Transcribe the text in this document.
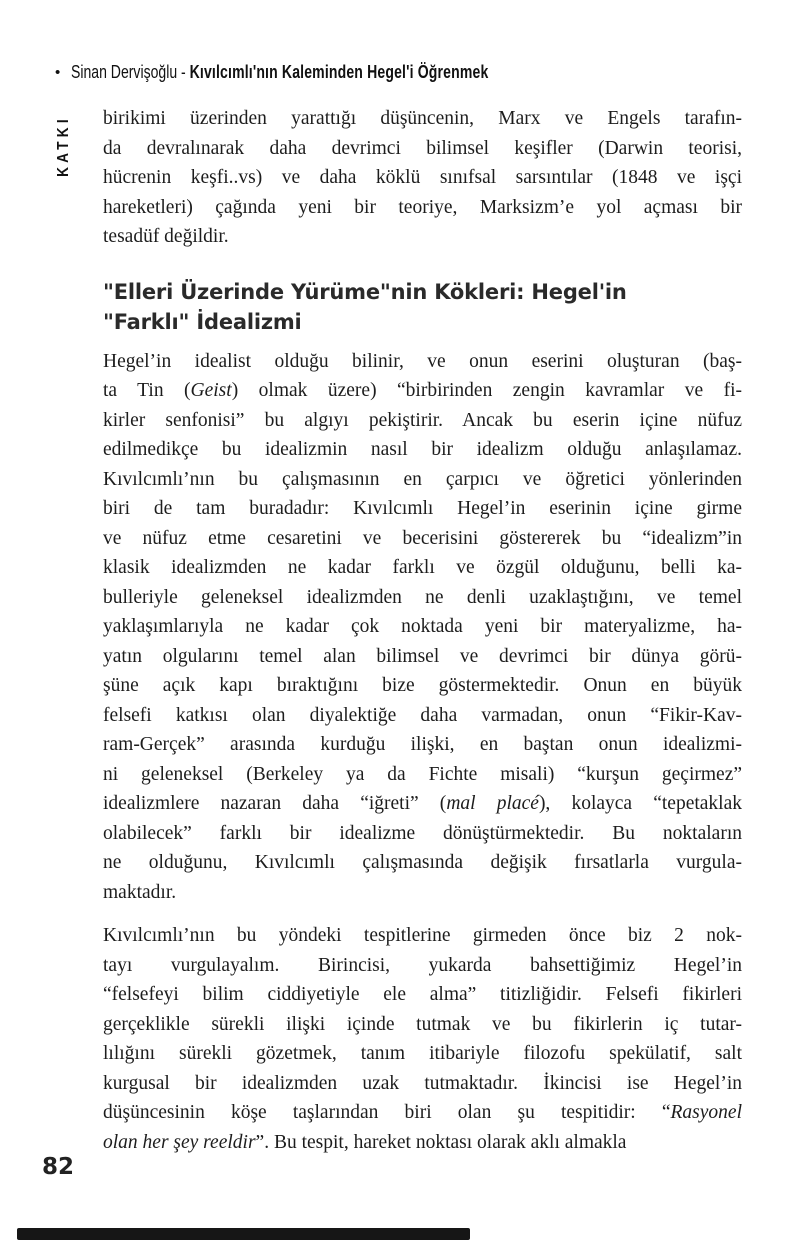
• Sinan Dervişoğlu - Kıvılcımlı'nın Kaleminden Hegel'i Öğrenmek
KATKI birikimi üzerinden yarattığı düşüncenin, Marx ve Engels tarafın-
da devralınarak daha devrimci bilimsel keşifler (Darwin teorisi,
hücrenin keşfi..vs) ve daha köklü sınıfsal sarsıntılar (1848 ve işçi
hareketleri) çağında yeni bir teoriye, Marksizm’e yol açması bir
tesadüf değildir.
"Elleri Üzerinde Yürüme"nin Kökleri: Hegel'in
"Farklı" İdealizmi
Hegel’in idealist olduğu bilinir, ve onun eserini oluşturan (baş-
ta Tin (Geist) olmak üzere) “birbirinden zengin kavramlar ve fi-
kirler senfonisi” bu algıyı pekiştirir. Ancak bu eserin içine nüfuz
edilmedikçe bu idealizmin nasıl bir idealizm olduğu anlaşılamaz.
Kıvılcımlı’nın bu çalışmasının en çarpıcı ve öğretici yönlerinden
biri de tam buradadır: Kıvılcımlı Hegel’in eserinin içine girme
ve nüfuz etme cesaretini ve becerisini göstererek bu “idealizm”in
klasik idealizmden ne kadar farklı ve özgül olduğunu, belli ka-
bulleriyle geleneksel idealizmden ne denli uzaklaştığını, ve temel
yaklaşımlarıyla ne kadar çok noktada yeni bir materyalizme, ha-
yatın olgularını temel alan bilimsel ve devrimci bir dünya görü-
şüne açık kapı bıraktığını bize göstermektedir. Onun en büyük
felsefi katkısı olan diyalektiğe daha varmadan, onun “Fikir-Kav-
ram-Gerçek” arasında kurduğu ilişki, en baştan onun idealizmi-
ni geleneksel (Berkeley ya da Fichte misali) “kurşun geçirmez”
idealizmlere nazaran daha “iğreti” (mal placé), kolayca “tepetaklak
olabilecek” farklı bir idealizme dönüştürmektedir. Bu noktaların
ne olduğunu, Kıvılcımlı çalışmasında değişik fırsatlarla vurgula-
maktadır.
Kıvılcımlı’nın bu yöndeki tespitlerine girmeden önce biz 2 nok-
tayı vurgulayalım. Birincisi, yukarda bahsettiğimiz Hegel’in
“felsefeyi bilim ciddiyetiyle ele alma” titizliğidir. Felsefi fikirleri
gerçeklikle sürekli ilişki içinde tutmak ve bu fikirlerin iç tutar-
lılığını sürekli gözetmek, tanım itibariyle filozofu spekülatif, salt
kurgusal bir idealizmden uzak tutmaktadır. İkincisi ise Hegel’in
düşüncesinin köşe taşlarından biri olan şu tespitidir: “Rasyonel
olan her şey reeldir”. Bu tespit, hareket noktası olarak aklı almakla
82
